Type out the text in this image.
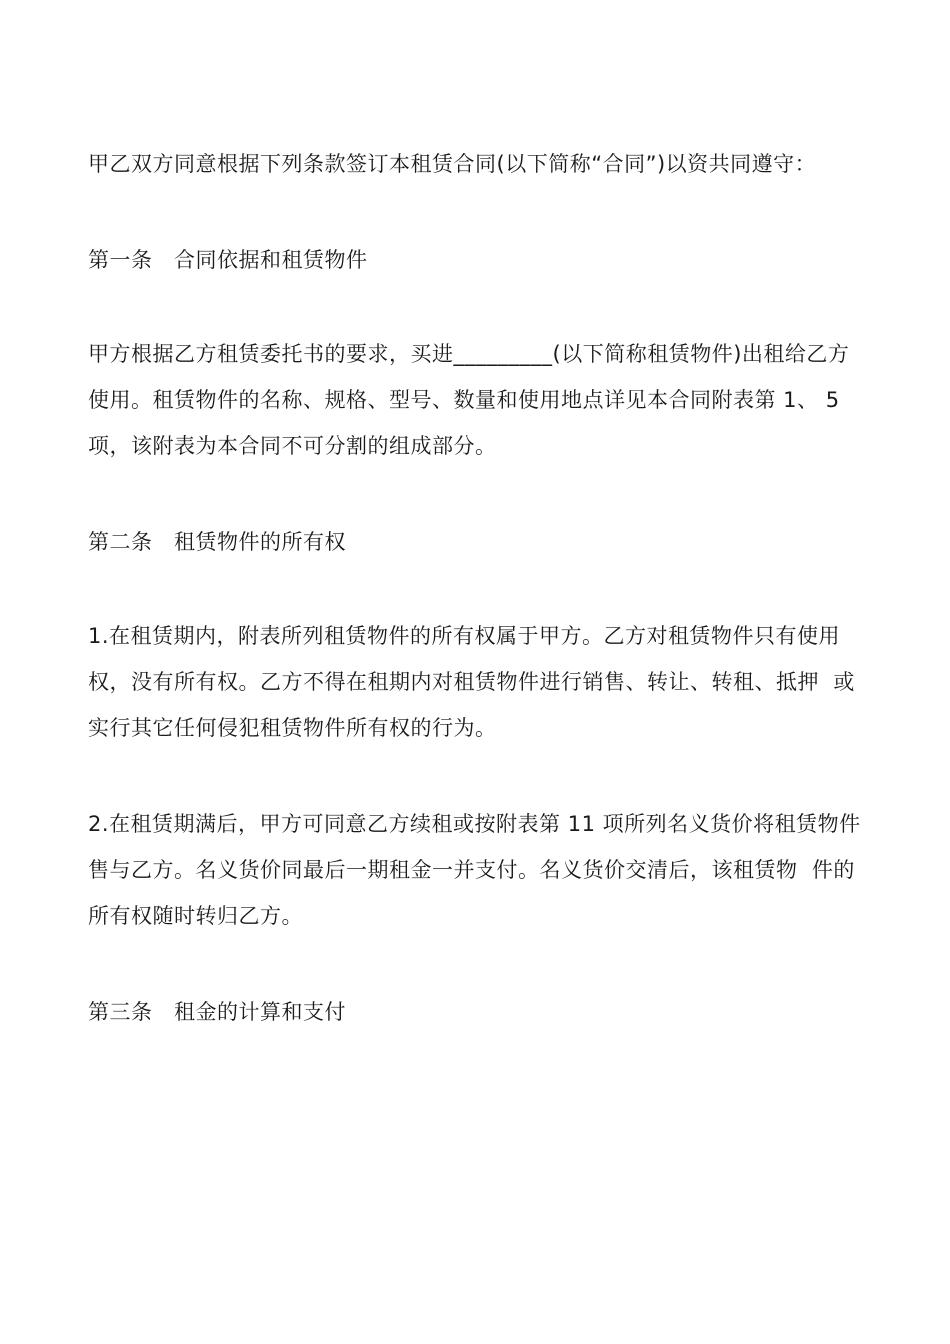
甲乙双方同意根据下列条款签订本租赁合同(以下简称“合同”)以资共同遵守：

第一条　合同依据和租赁物件

甲方根据乙方租赁委托书的要求，买进_________(以下简称租赁物件)出租给乙方使用。租赁物件的名称、规格、型号、数量和使用地点详见本合同附表第 1、 5 项，该附表为本合同不可分割的组成部分。

第二条　租赁物件的所有权

1.在租赁期内，附表所列租赁物件的所有权属于甲方。乙方对租赁物件只有使用权，没有所有权。乙方不得在租期内对租赁物件进行销售、转让、转租、抵押  或实行其它任何侵犯租赁物件所有权的行为。

2.在租赁期满后，甲方可同意乙方续租或按附表第 11 项所列名义货价将租赁物件售与乙方。名义货价同最后一期租金一并支付。名义货价交清后，该租赁物  件的所有权随时转归乙方。

第三条　租金的计算和支付
